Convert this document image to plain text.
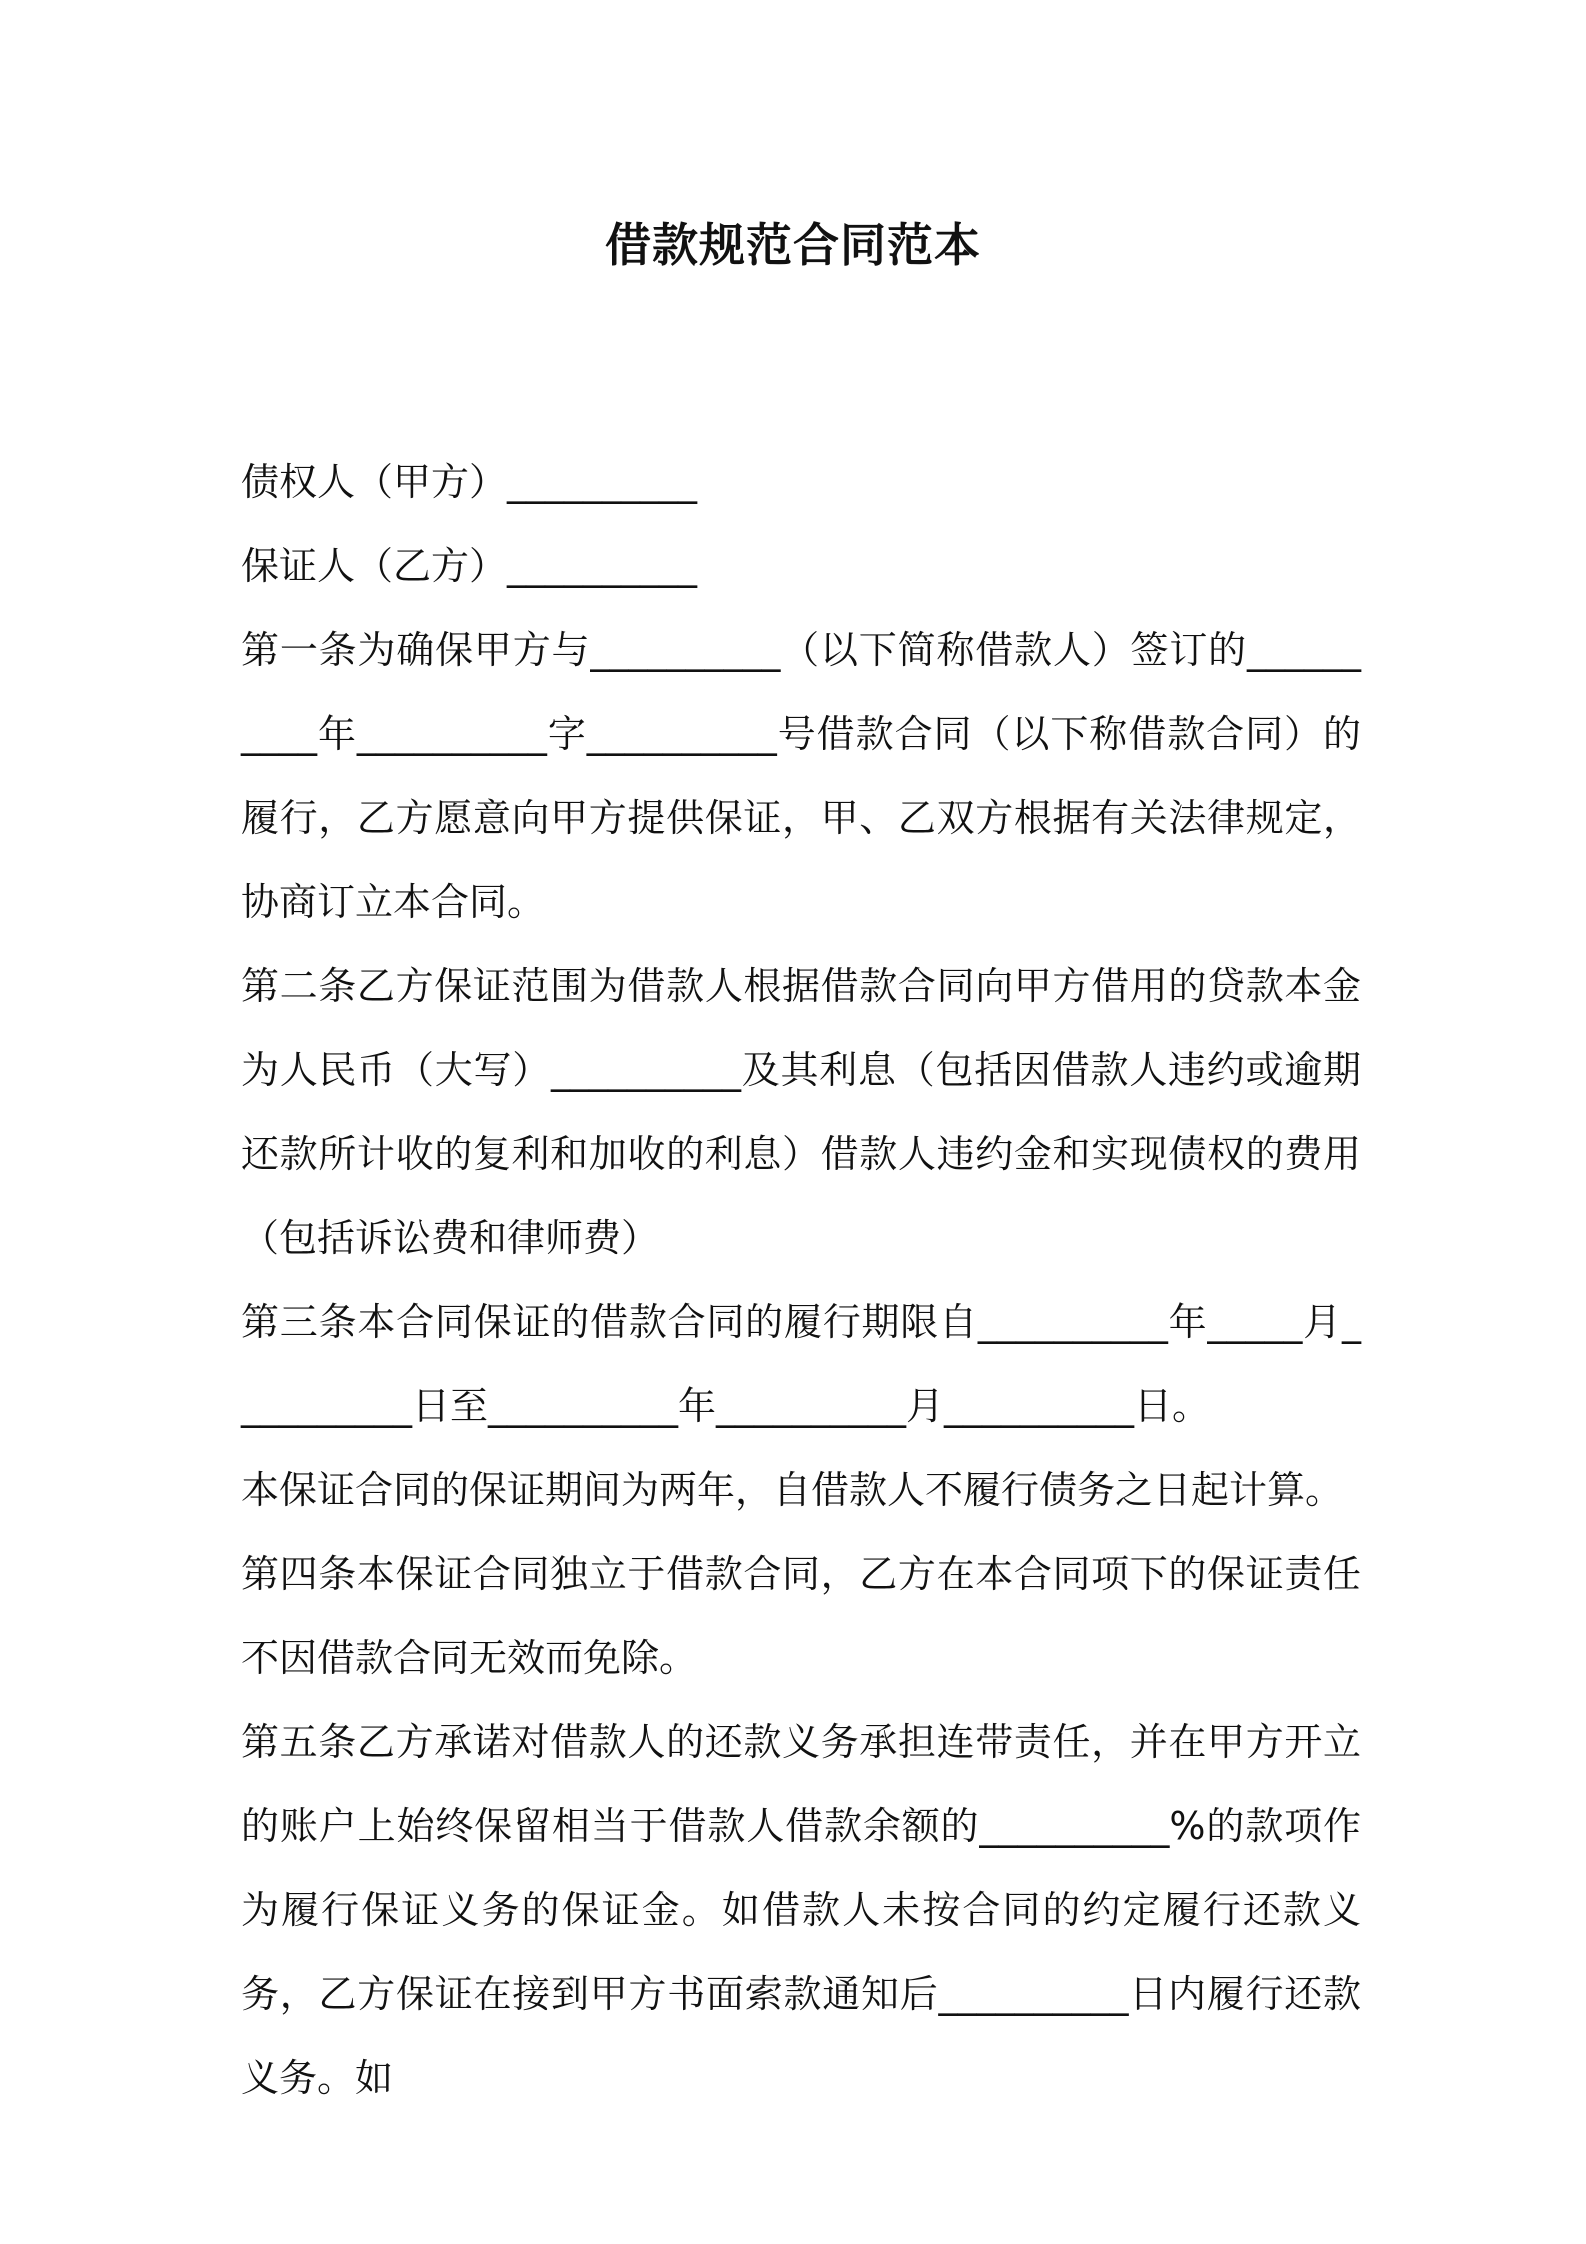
借款规范合同范本

债权人（甲方）__________

保证人（乙方）__________

第一条为确保甲方与__________（以下简称借款人）签订的__________年__________字__________号借款合同（以下称借款合同）的履行，乙方愿意向甲方提供保证，甲、乙双方根据有关法律规定，协商订立本合同。

第二条乙方保证范围为借款人根据借款合同向甲方借用的贷款本金为人民币（大写）__________及其利息（包括因借款人违约或逾期还款所计收的复利和加收的利息）借款人违约金和实现债权的费用（包括诉讼费和律师费）

第三条本合同保证的借款合同的履行期限自__________年_____月__________日至__________年__________月__________日。

本保证合同的保证期间为两年，自借款人不履行债务之日起计算。

第四条本保证合同独立于借款合同，乙方在本合同项下的保证责任不因借款合同无效而免除。

第五条乙方承诺对借款人的还款义务承担连带责任，并在甲方开立的账户上始终保留相当于借款人借款余额的__________%的款项作为履行保证义务的保证金。如借款人未按合同的约定履行还款义务，乙方保证在接到甲方书面索款通知后__________日内履行还款义务。如
